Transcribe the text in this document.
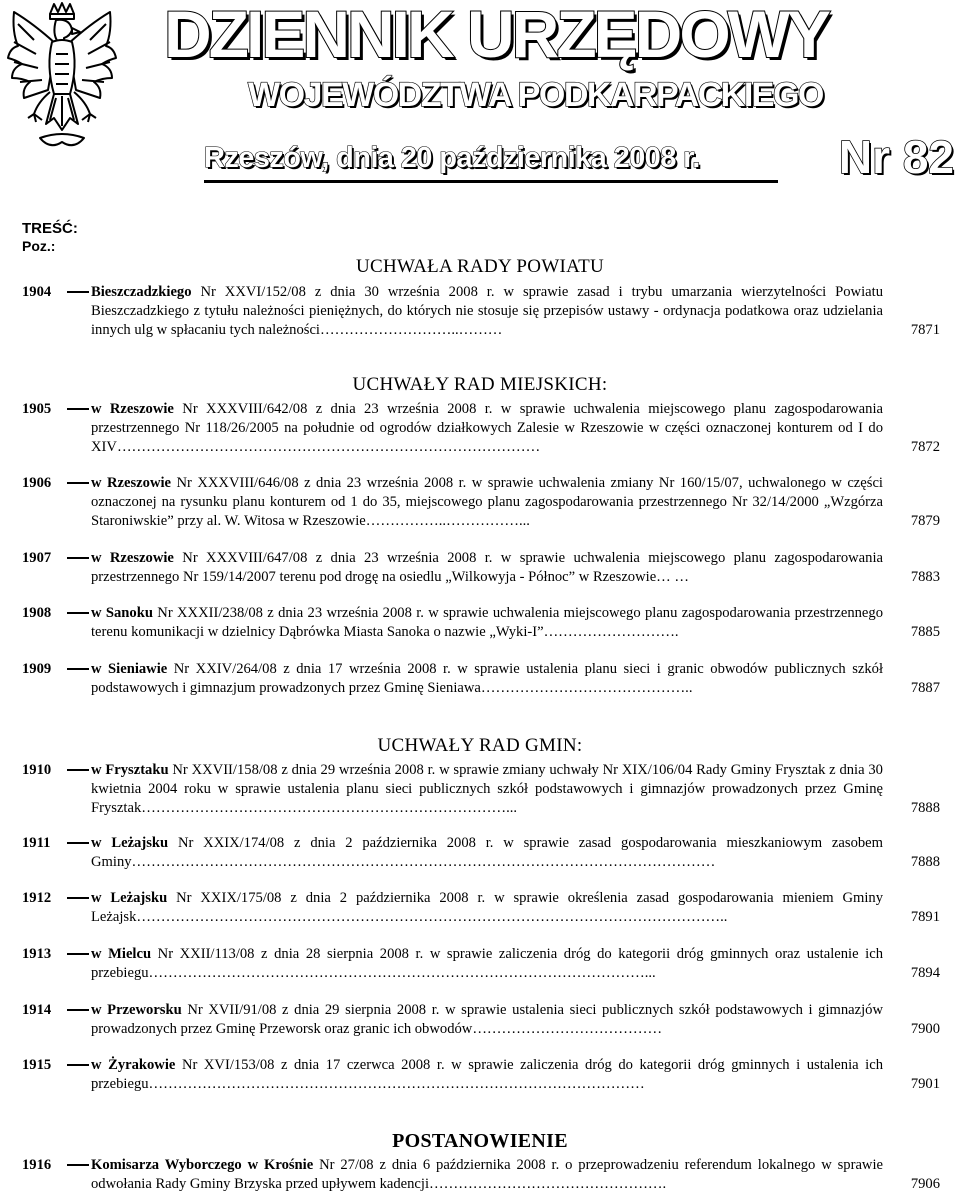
DZIENNIK URZĘDOWY
WOJEWÓDZTWA PODKARPACKIEGO
Rzeszów, dnia 20 października 2008 r.	Nr 82
TREŚĆ:
Poz.:
UCHWAŁA RADY POWIATU
1904	Bieszczadzkiego Nr XXVI/152/08 z dnia 30 września 2008 r. w sprawie zasad i trybu umarzania wierzytelności Powiatu Bieszczadzkiego z tytułu należności pieniężnych, do których nie stosuje się przepisów ustawy - ordynacja podatkowa oraz udzielania innych ulg w spłacaniu tych należności………………………..………	7871
UCHWAŁY RAD MIEJSKICH:
1905	w Rzeszowie Nr XXXVIII/642/08 z dnia 23 września 2008 r. w sprawie uchwalenia miejscowego planu zagospodarowania przestrzennego Nr 118/26/2005 na południe od ogrodów działkowych Zalesie w Rzeszowie w części oznaczonej konturem od I do XIV……………………………………………………………………………	7872
1906	w Rzeszowie Nr XXXVIII/646/08 z dnia 23 września 2008 r. w sprawie uchwalenia zmiany Nr 160/15/07, uchwalonego w części oznaczonej na rysunku planu konturem od 1 do 35, miejscowego planu zagospodarowania przestrzennego Nr 32/14/2000 „Wzgórza Staroniwskie” przy al. W. Witosa w Rzeszowie……………..……………...	7879
1907	w Rzeszowie Nr XXXVIII/647/08 z dnia 23 września 2008 r. w sprawie uchwalenia miejscowego planu zagospodarowania przestrzennego Nr 159/14/2007 terenu pod drogę na osiedlu „Wilkowyja - Północ” w Rzeszowie… …	7883
1908	w Sanoku Nr XXXII/238/08 z dnia 23 września 2008 r. w sprawie uchwalenia miejscowego planu zagospodarowania przestrzennego terenu komunikacji w dzielnicy Dąbrówka Miasta Sanoka o nazwie „Wyki-I”……………………….	7885
1909	w Sieniawie Nr XXIV/264/08 z dnia 17 września 2008 r. w sprawie ustalenia planu sieci i granic obwodów publicznych szkół podstawowych i gimnazjum prowadzonych przez Gminę Sieniawa……………………………………..	7887
UCHWAŁY RAD GMIN:
1910	w Frysztaku Nr XXVII/158/08 z dnia 29 września 2008 r. w sprawie zmiany uchwały Nr XIX/106/04 Rady Gminy Frysztak z dnia 30 kwietnia 2004 roku w sprawie ustalenia planu sieci publicznych szkół podstawowych i gimnazjów prowadzonych przez Gminę Frysztak…………………………………………………………………...	7888
1911	w Leżajsku Nr XXIX/174/08 z dnia 2 października 2008 r. w sprawie zasad gospodarowania mieszkaniowym zasobem Gminy…………………………………………………………………………………………………………	7888
1912	w Leżajsku Nr XXIX/175/08 z dnia 2 października 2008 r. w sprawie określenia zasad gospodarowania mieniem Gminy Leżajsk…………………………………………………………………………………………………………..	7891
1913	w Mielcu Nr XXII/113/08 z dnia 28 sierpnia 2008 r. w sprawie zaliczenia dróg do kategorii dróg gminnych oraz ustalenie ich przebiegu…………………………………………………………………………………………...	7894
1914	w Przeworsku Nr XVII/91/08 z dnia 29 sierpnia 2008 r. w sprawie ustalenia sieci publicznych szkół podstawowych i gimnazjów prowadzonych przez Gminę Przeworsk oraz granic ich obwodów…………………………………	7900
1915	w Żyrakowie Nr XVI/153/08 z dnia 17 czerwca 2008 r. w sprawie zaliczenia dróg do kategorii dróg gminnych i ustalenia ich przebiegu…………………………………………………………………………………………	7901
POSTANOWIENIE
1916	Komisarza Wyborczego w Krośnie Nr 27/08 z dnia 6 października 2008 r. o przeprowadzeniu referendum lokalnego w sprawie odwołania Rady Gminy Brzyska przed upływem kadencji………………………………………….	7906
